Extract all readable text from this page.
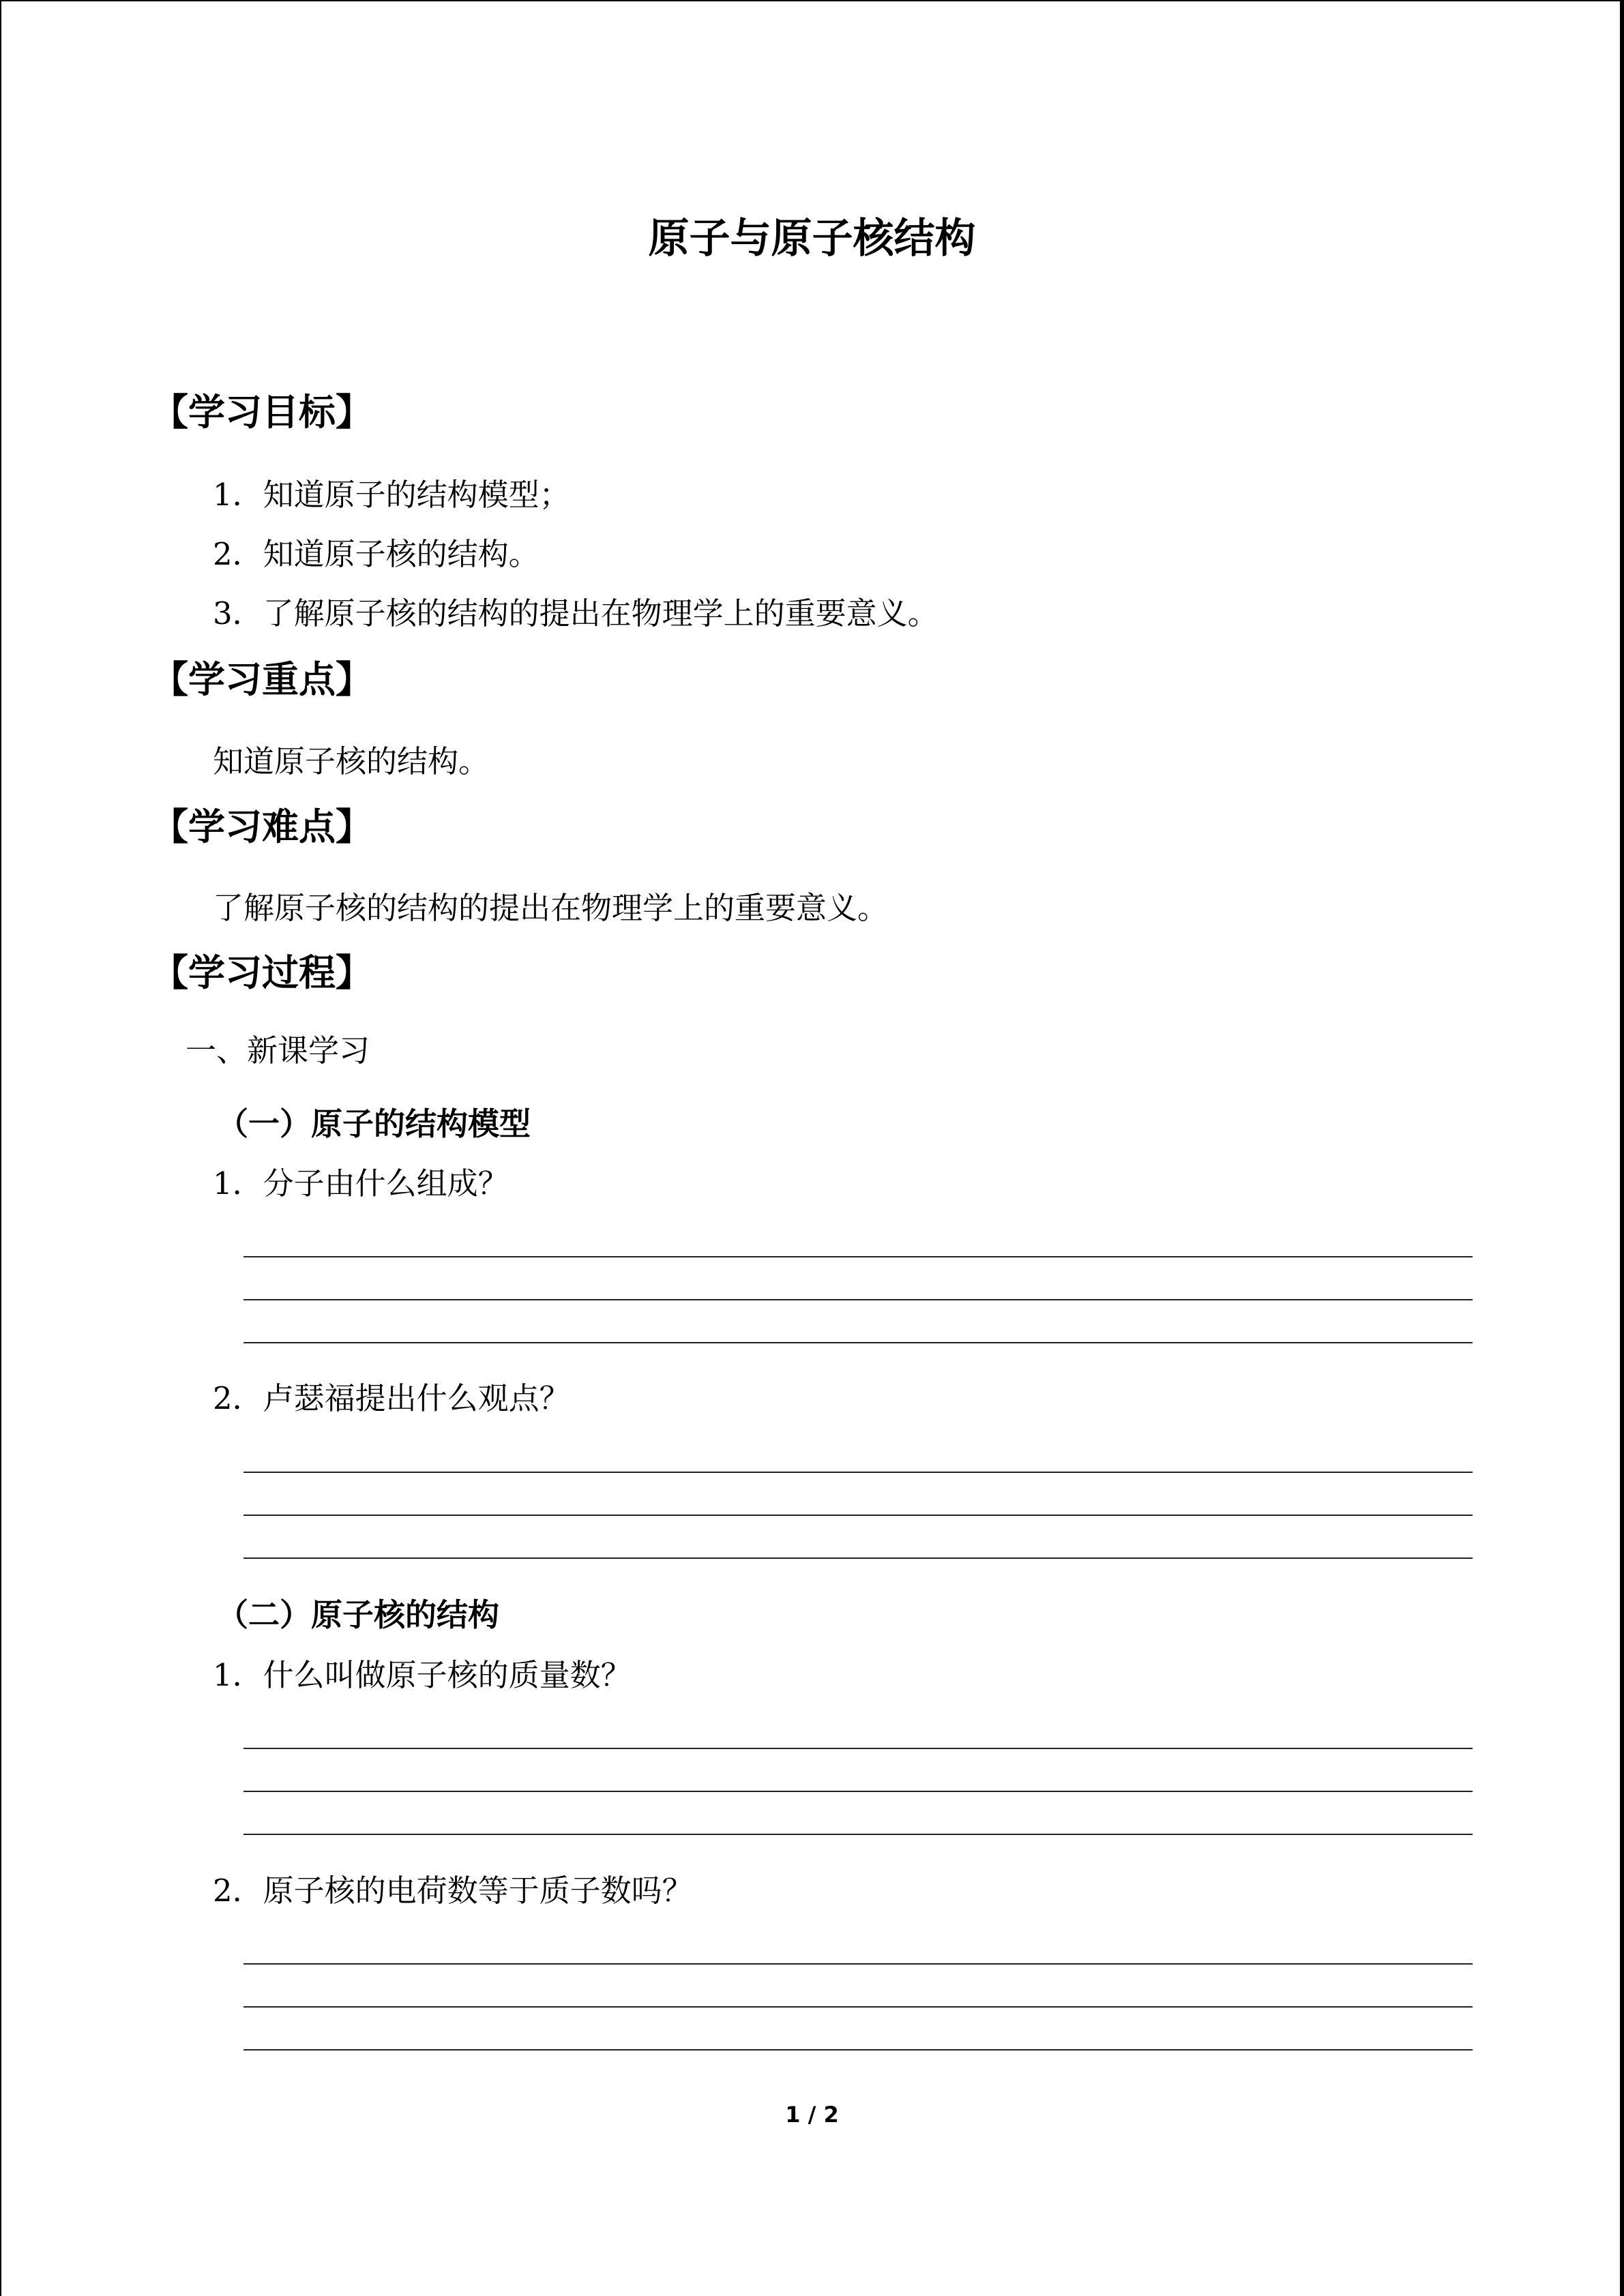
原子与原子核结构
【学习目标】
1．知道原子的结构模型；
2．知道原子核的结构。
3．了解原子核的结构的提出在物理学上的重要意义。
【学习重点】
知道原子核的结构。
【学习难点】
了解原子核的结构的提出在物理学上的重要意义。
【学习过程】
一、新课学习
（一）原子的结构模型
1．分子由什么组成？
2．卢瑟福提出什么观点？
（二）原子核的结构
1．什么叫做原子核的质量数？
2．原子核的电荷数等于质子数吗？
1 / 2
